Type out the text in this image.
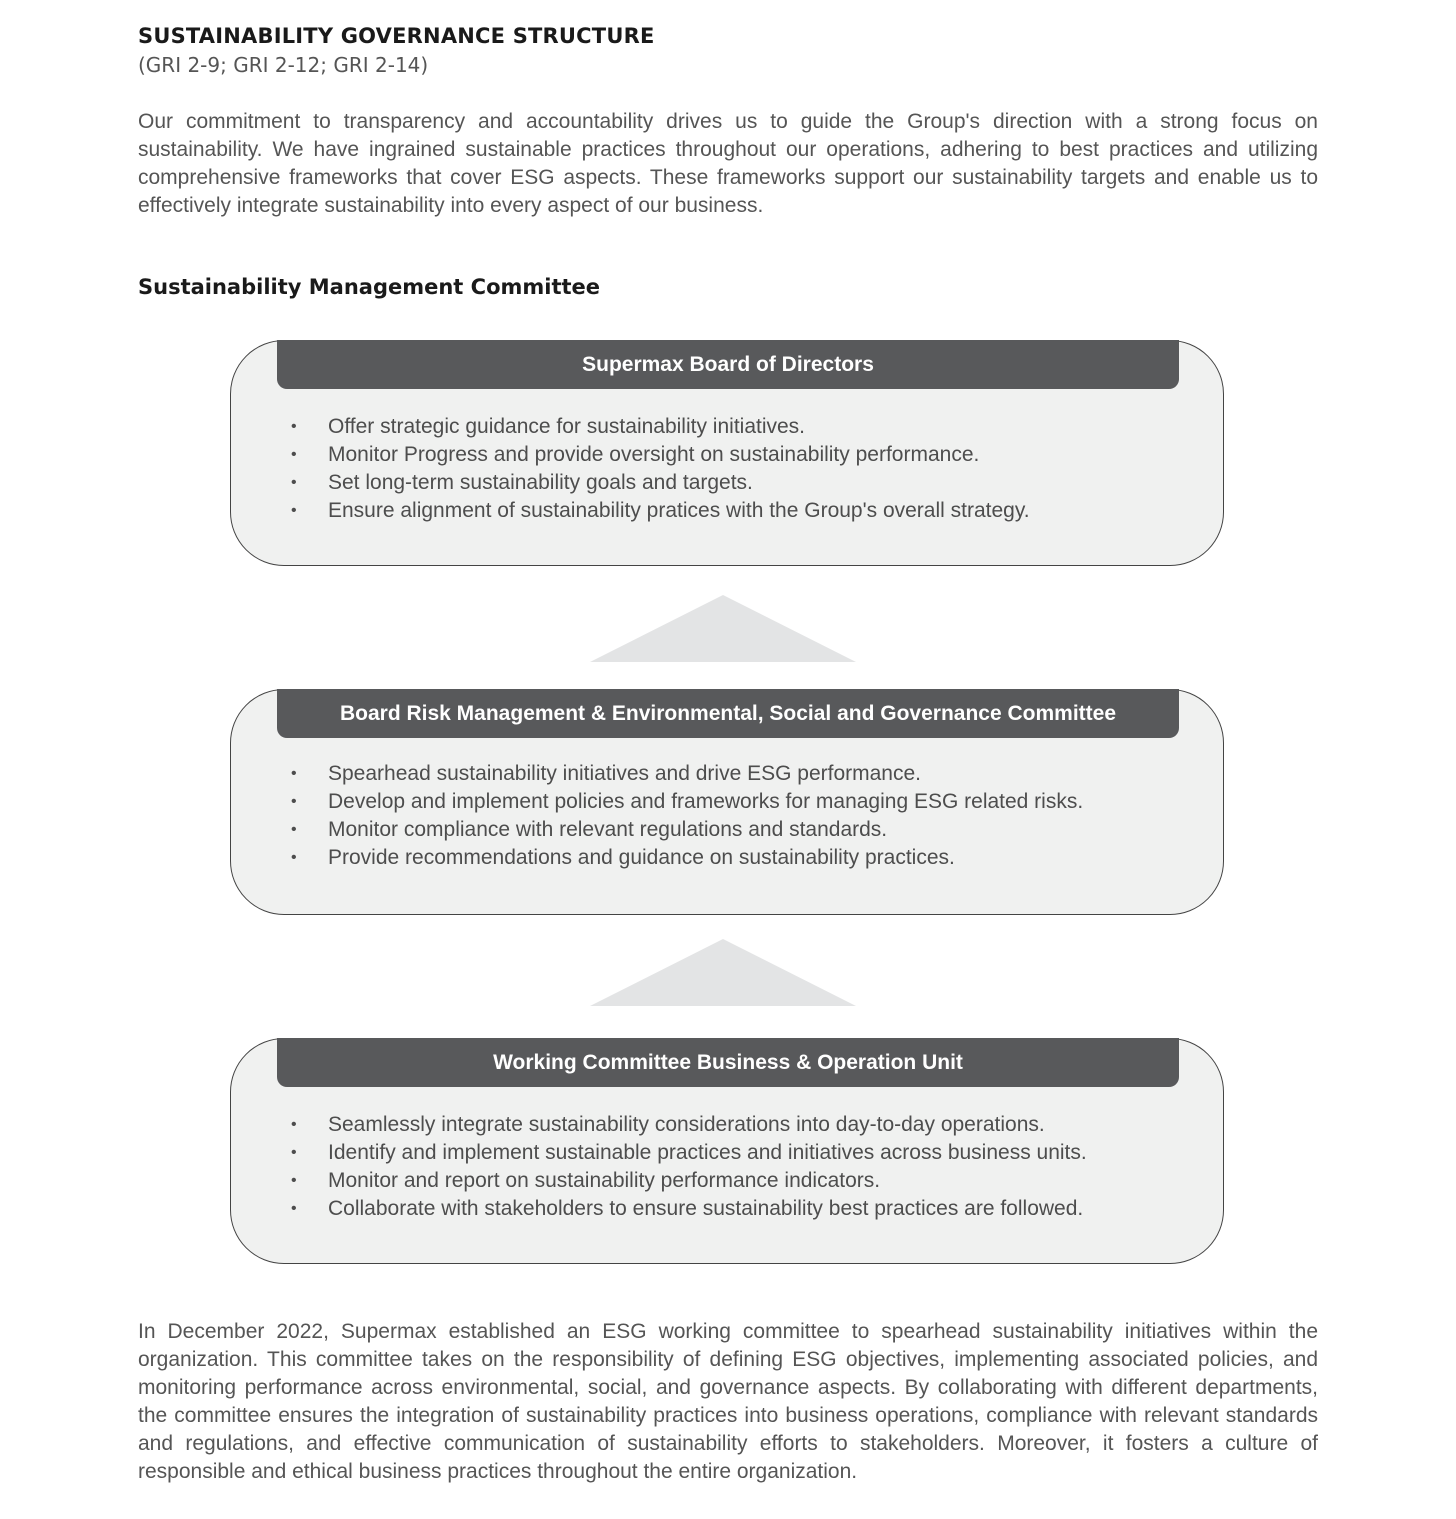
SUSTAINABILITY GOVERNANCE STRUCTURE
(GRI 2-9; GRI 2-12; GRI 2-14)

Our commitment to transparency and accountability drives us to guide the Group's direction with a strong focus on sustainability. We have ingrained sustainable practices throughout our operations, adhering to best practices and utilizing comprehensive frameworks that cover ESG aspects. These frameworks support our sustainability targets and enable us to effectively integrate sustainability into every aspect of our business.

Sustainability Management Committee
Supermax Board of Directors
• Offer strategic guidance for sustainability initiatives.
• Monitor Progress and provide oversight on sustainability performance.
• Set long-term sustainability goals and targets.
• Ensure alignment of sustainability pratices with the Group's overall strategy.
Board Risk Management & Environmental, Social and Governance Committee
• Spearhead sustainability initiatives and drive ESG performance.
• Develop and implement policies and frameworks for managing ESG related risks.
• Monitor compliance with relevant regulations and standards.
• Provide recommendations and guidance on sustainability practices.
Working Committee Business & Operation Unit
• Seamlessly integrate sustainability considerations into day-to-day operations.
• Identify and implement sustainable practices and initiatives across business units.
• Monitor and report on sustainability performance indicators.
• Collaborate with stakeholders to ensure sustainability best practices are followed.

In December 2022, Supermax established an ESG working committee to spearhead sustainability initiatives within the organization. This committee takes on the responsibility of defining ESG objectives, implementing associated policies, and monitoring performance across environmental, social, and governance aspects. By collaborating with different departments, the committee ensures the integration of sustainability practices into business operations, compliance with relevant standards and regulations, and effective communication of sustainability efforts to stakeholders. Moreover, it fosters a culture of responsible and ethical business practices throughout the entire organization.
